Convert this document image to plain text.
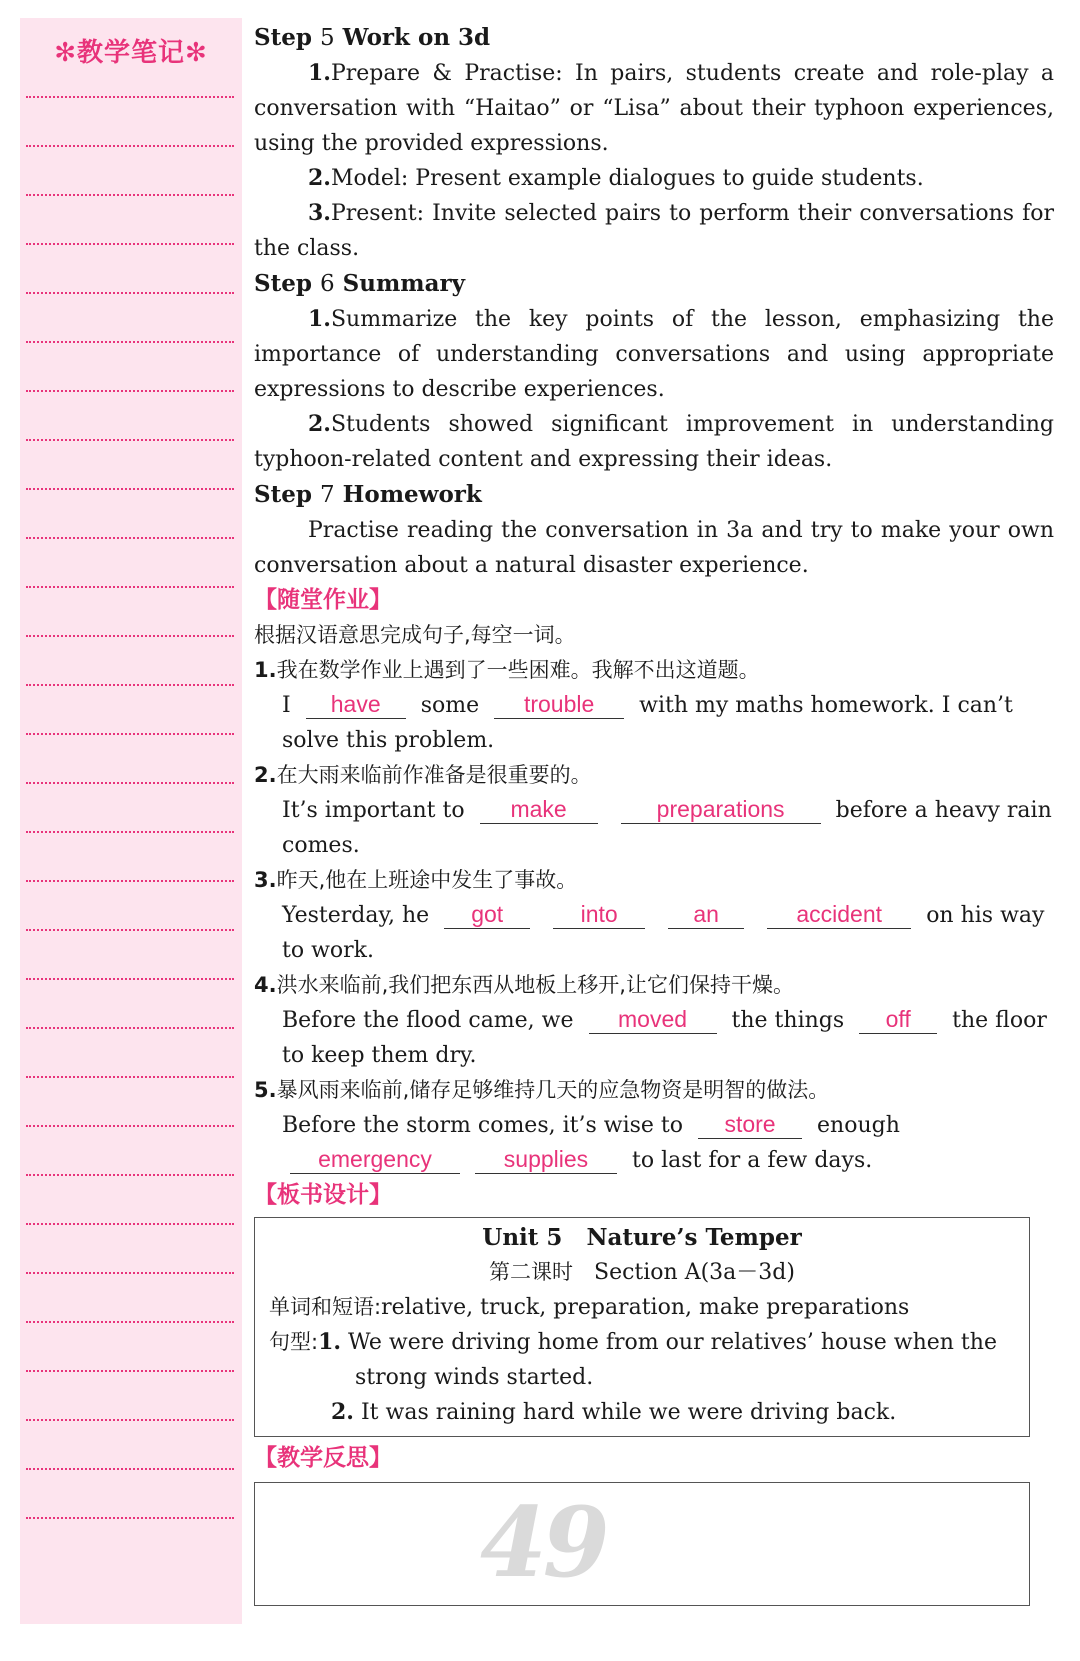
✻教学笔记✻
Step 5 Work on 3d
1.Prepare & Practise: In pairs, students create and role-play a conversation with “Haitao” or “Lisa” about their typhoon experiences, using the provided expressions.
2.Model: Present example dialogues to guide students.
3.Present: Invite selected pairs to perform their conversations for the class.
Step 6 Summary
1.Summarize the key points of the lesson, emphasizing the importance of understanding conversations and using appropriate expressions to describe experiences.
2.Students showed significant improvement in understanding typhoon-related content and expressing their ideas.
Step 7 Homework
Practise reading the conversation in 3a and try to make your own conversation about a natural disaster experience.
【随堂作业】
根据汉语意思完成句子,每空一词。
1.我在数学作业上遇到了一些困难。我解不出这道题。
I have some trouble with my maths homework. I can’t solve this problem.
2.在大雨来临前作准备是很重要的。
It’s important to make	preparations before a heavy rain comes.
3.昨天,他在上班途中发生了事故。
Yesterday, he got	into	an	accident on his way to work.
4.洪水来临前,我们把东西从地板上移开,让它们保持干燥。
Before the flood came, we moved the things off the floor to keep them dry.
5.暴风雨来临前,储存足够维持几天的应急物资是明智的做法。
Before the storm comes, it’s wise to store enough emergency	supplies to last for a few days.
【板书设计】
Unit 5 Nature’s Temper
第二课时 Section A(3a－3d)
单词和短语:relative, truck, preparation, make preparations
句型:1. We were driving home from our relatives’ house when the strong winds started.
2. It was raining hard while we were driving back.
【教学反思】
49
